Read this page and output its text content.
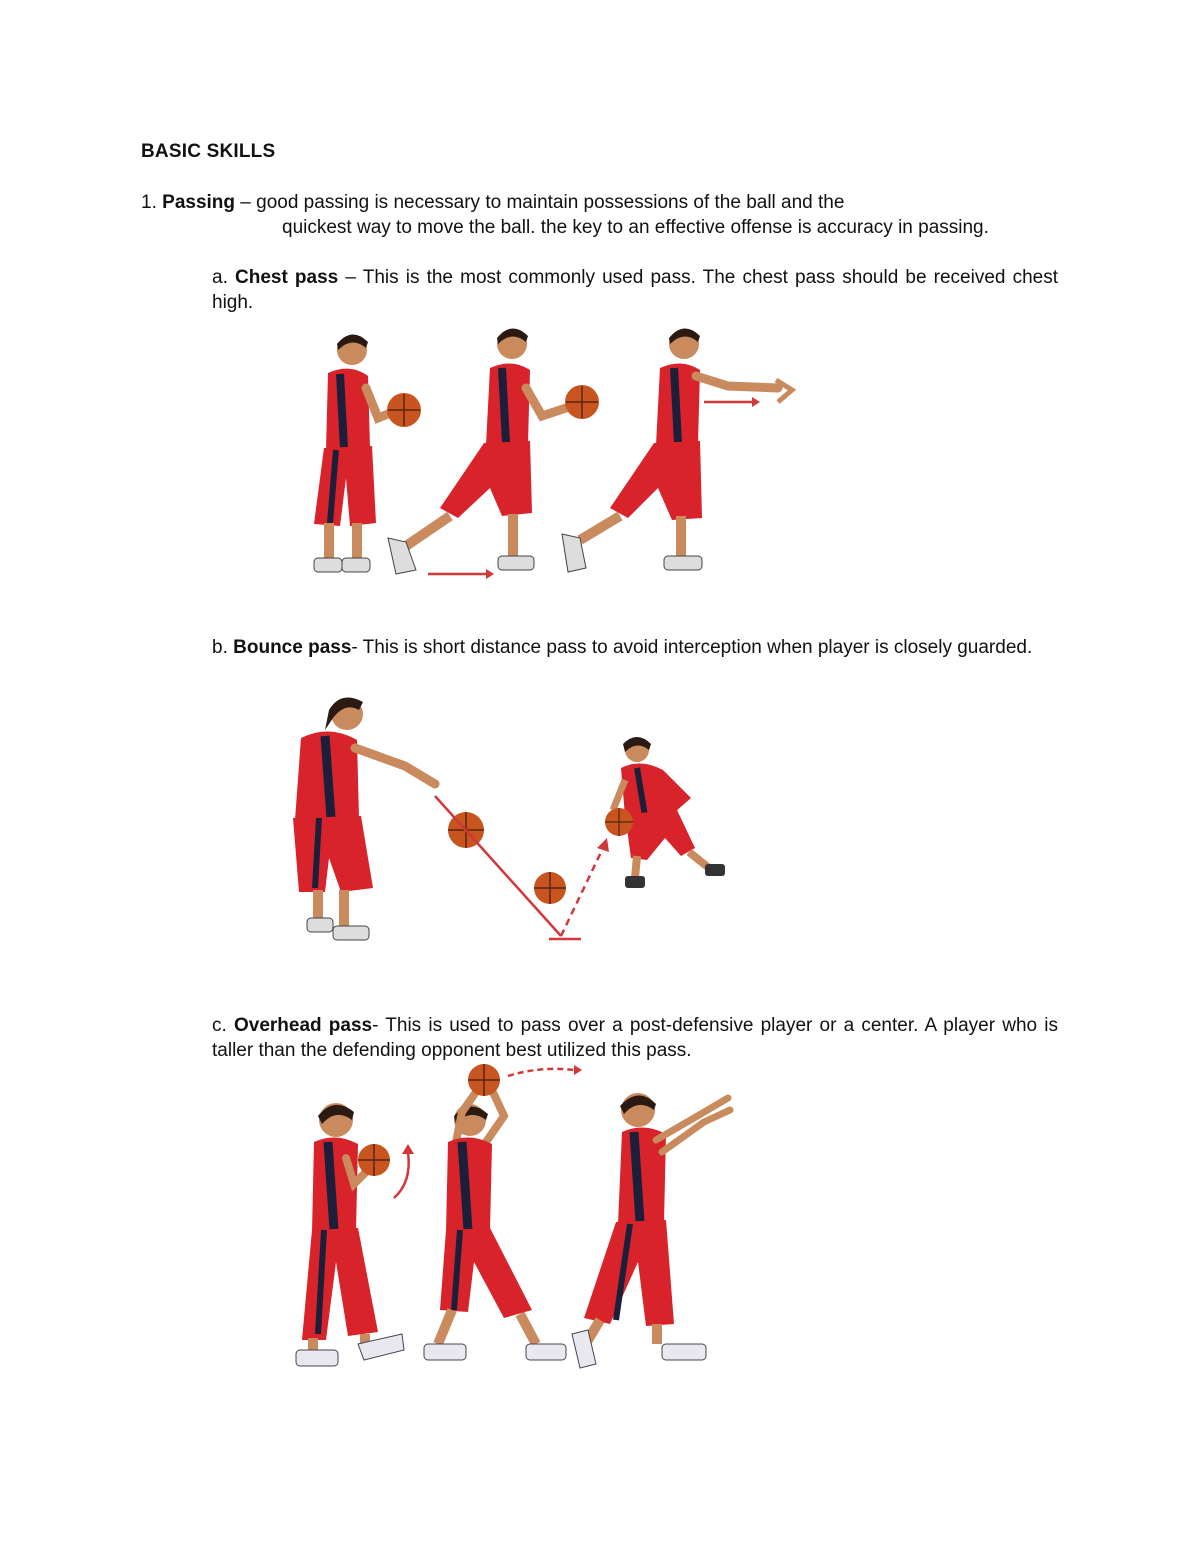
BASIC SKILLS
1. Passing – good passing is necessary to maintain possessions of the ball and the
quickest way to move the ball. the key to an effective offense is accuracy in passing.
a. Chest pass – This is the most commonly used pass. The chest pass should be received chest high.
b. Bounce pass- This is short distance pass to avoid interception when player is closely guarded.
c. Overhead pass- This is used to pass over a post-defensive player or a center. A player who is taller than the defending opponent best utilized this pass.
